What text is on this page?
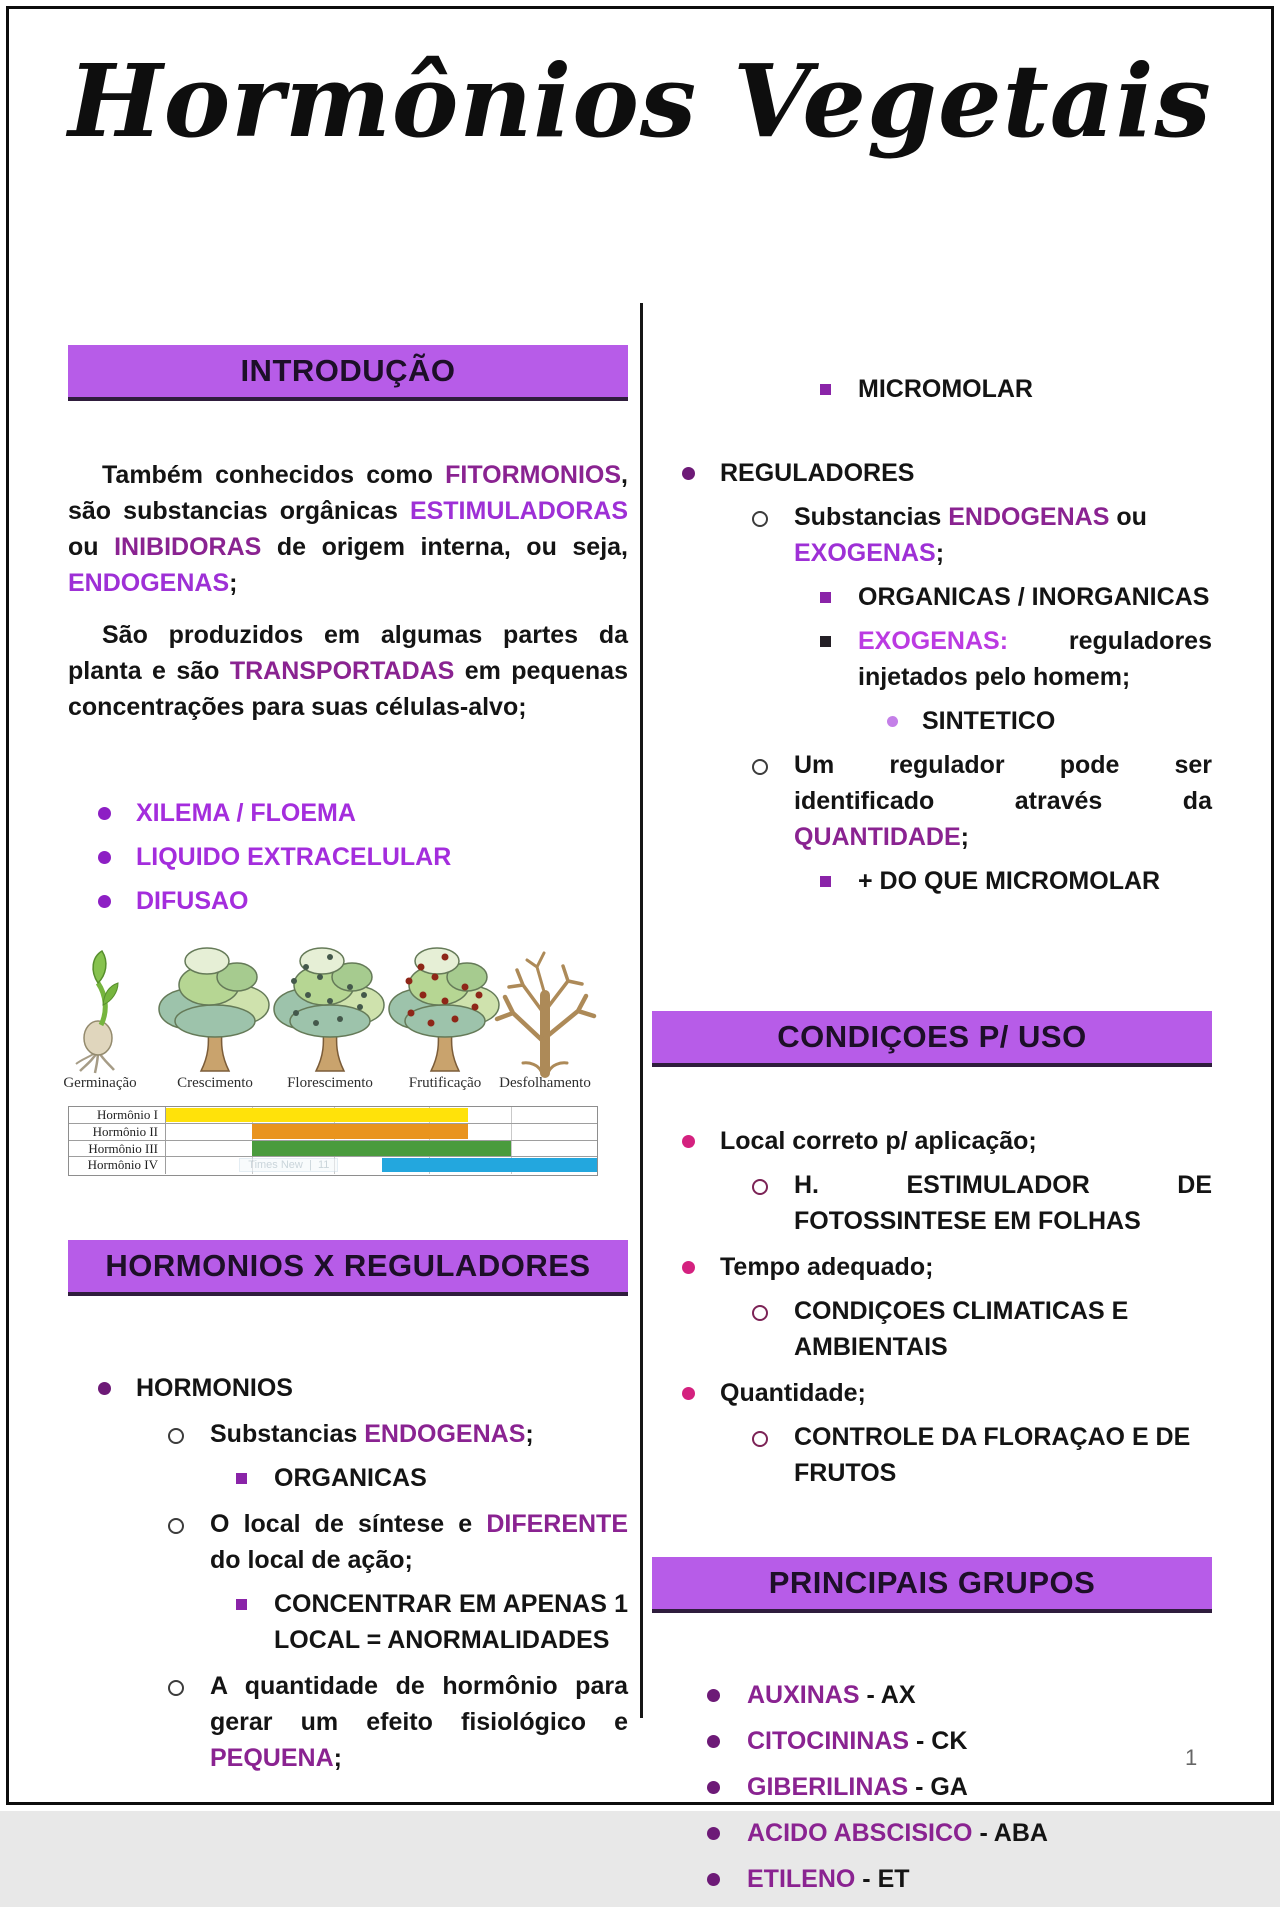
Hormônios Vegetais
INTRODUÇÃO

Também conhecidos como FITORMONIOS, são substancias orgânicas ESTIMULADORAS ou INIBIDORAS de origem interna, ou seja, ENDOGENAS;

São produzidos em algumas partes da planta e são TRANSPORTADAS em pequenas concentrações para suas células-alvo;

XILEMA / FLOEMA
LIQUIDO EXTRACELULAR
DIFUSAO
Germinação	Crescimento Florescimento Frutificação Desfolhamento
Hormônio I
Hormônio II
Hormônio III
Hormônio IV	Times New  |  11
HORMONIOS X REGULADORES
HORMONIOS
Substancias ENDOGENAS;
ORGANICAS
O local de síntese e DIFERENTE do local de ação;
CONCENTRAR EM APENAS 1 LOCAL = ANORMALIDADES
A quantidade de hormônio para gerar um efeito fisiológico e PEQUENA;
MICROMOLAR
REGULADORES
Substancias ENDOGENAS ou EXOGENAS;
ORGANICAS / INORGANICAS
EXOGENAS: reguladores injetados pelo homem;
SINTETICO
Um regulador pode ser identificado através da QUANTIDADE;
+ DO QUE MICROMOLAR
CONDIÇOES P/ USO
Local correto p/ aplicação;
H. ESTIMULADOR DE FOTOSSINTESE EM FOLHAS
Tempo adequado;
CONDIÇOES CLIMATICAS E AMBIENTAIS
Quantidade;
CONTROLE DA FLORAÇAO E DE FRUTOS
PRINCIPAIS GRUPOS
AUXINAS - AX
CITOCININAS - CK
GIBERILINAS - GA
ACIDO ABSCISICO - ABA
ETILENO - ET
1
